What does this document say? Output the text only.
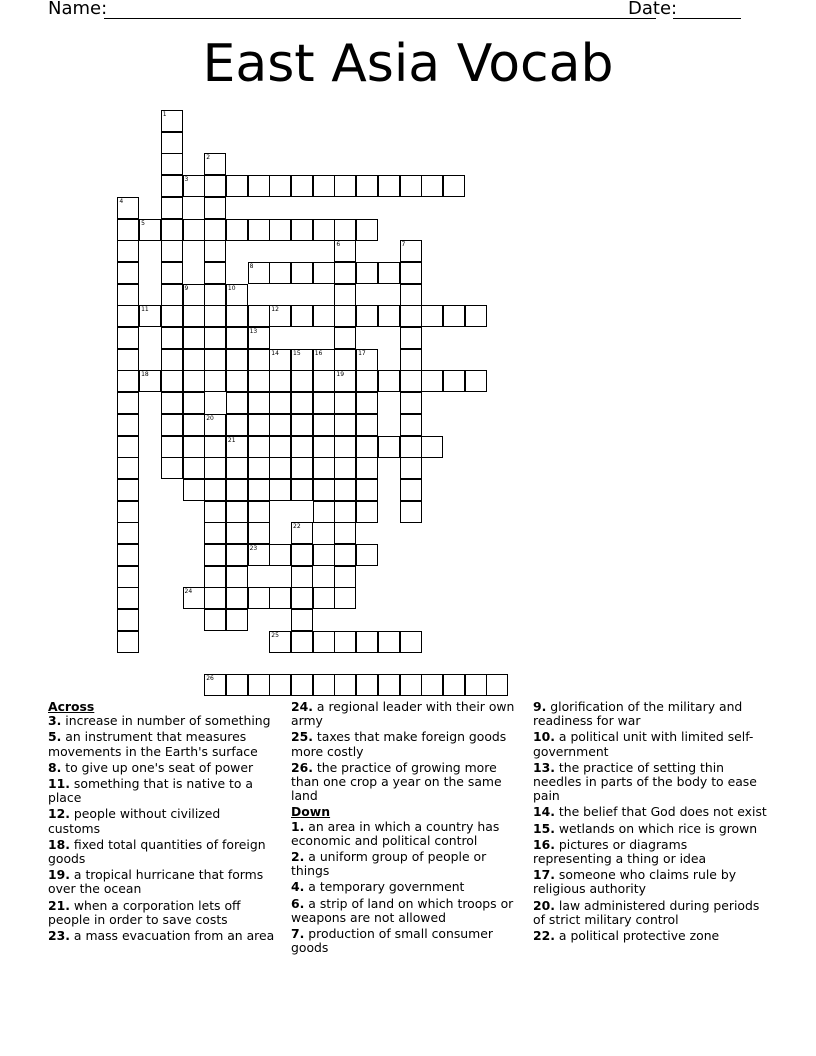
Name:	Date:
East Asia Vocab
1
2
3
4
5
6
19
7
8
9	10
21
11	12
13
14 15 16	17
18
20
22
23
24
25
26
Across
3. increase in number of something
5. an instrument that measures movements in the Earth's surface
8. to give up one's seat of power
11. something that is native to a place
12. people without civilized customs
18. fixed total quantities of foreign goods
19. a tropical hurricane that forms over the ocean
21. when a corporation lets off people in order to save costs
23. a mass evacuation from an area
24. a regional leader with their own army
25. taxes that make foreign goods more costly
26. the practice of growing more than one crop a year on the same land
Down
1. an area in which a country has economic and political control
2. a uniform group of people or things
4. a temporary government
6. a strip of land on which troops or weapons are not allowed
7. production of small consumer goods
9. glorification of the military and readiness for war
10. a political unit with limited self-government
13. the practice of setting thin needles in parts of the body to ease pain
14. the belief that God does not exist
15. wetlands on which rice is grown
16. pictures or diagrams representing a thing or idea
17. someone who claims rule by religious authority
20. law administered during periods of strict military control
22. a political protective zone
